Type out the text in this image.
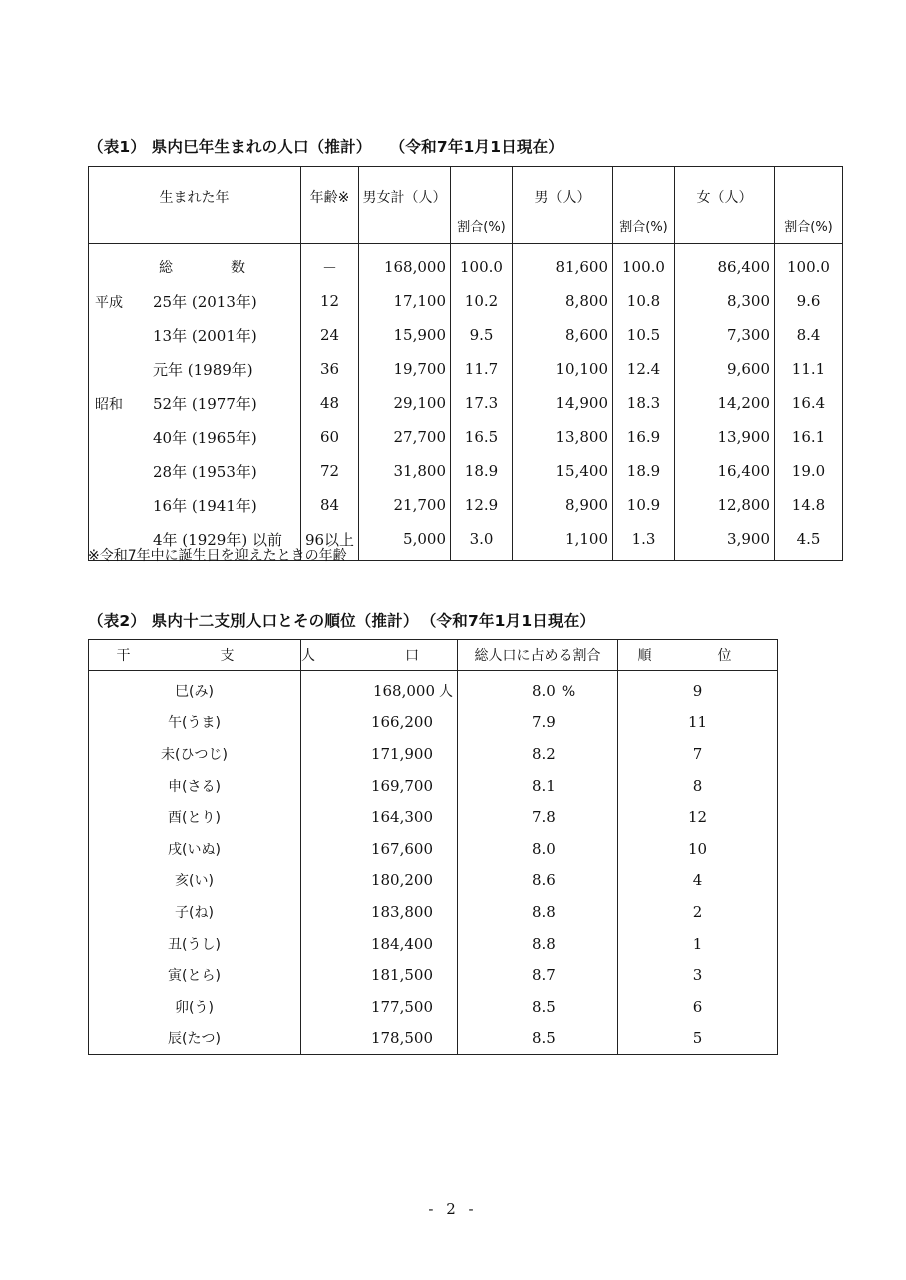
（表1） 県内巳年生まれの人口（推計） （令和7年1月1日現在）
生まれた年	年齢※	男女計（人）	割合(%)	男（人）	割合(%)	女（人）	割合(%)
総　数	－	168,000	100.0	81,600	100.0	86,400	100.0
平成 25年 (2013年)	12	17,100	10.2	8,800	10.8	8,300	9.6
13年 (2001年)	24	15,900	9.5	8,600	10.5	7,300	8.4
元年 (1989年)	36	19,700	11.7	10,100	12.4	9,600	11.1
昭和 52年 (1977年)	48	29,100	17.3	14,900	18.3	14,200	16.4
40年 (1965年)	60	27,700	16.5	13,800	16.9	13,900	16.1
28年 (1953年)	72	31,800	18.9	15,400	18.9	16,400	19.0
16年 (1941年)	84	21,700	12.9	8,900	10.9	12,800	14.8
4年 (1929年) 以前	96以上	5,000	3.0	1,100	1.3	3,900	4.5
※令和7年中に誕生日を迎えたときの年齢
（表2） 県内十二支別人口とその順位（推計） （令和7年1月1日現在）
干　支	人　口	総人口に占める割合	順　位
巳(み)	168,000 人	8.0 %	9
午(うま)	166,200	7.9	11
未(ひつじ)	171,900	8.2	7
申(さる)	169,700	8.1	8
酉(とり)	164,300	7.8	12
戌(いぬ)	167,600	8.0	10
亥(い)	180,200	8.6	4
子(ね)	183,800	8.8	2
丑(うし)	184,400	8.8	1
寅(とら)	181,500	8.7	3
卯(う)	177,500	8.5	6
辰(たつ)	178,500	8.5	5
- 2 -
